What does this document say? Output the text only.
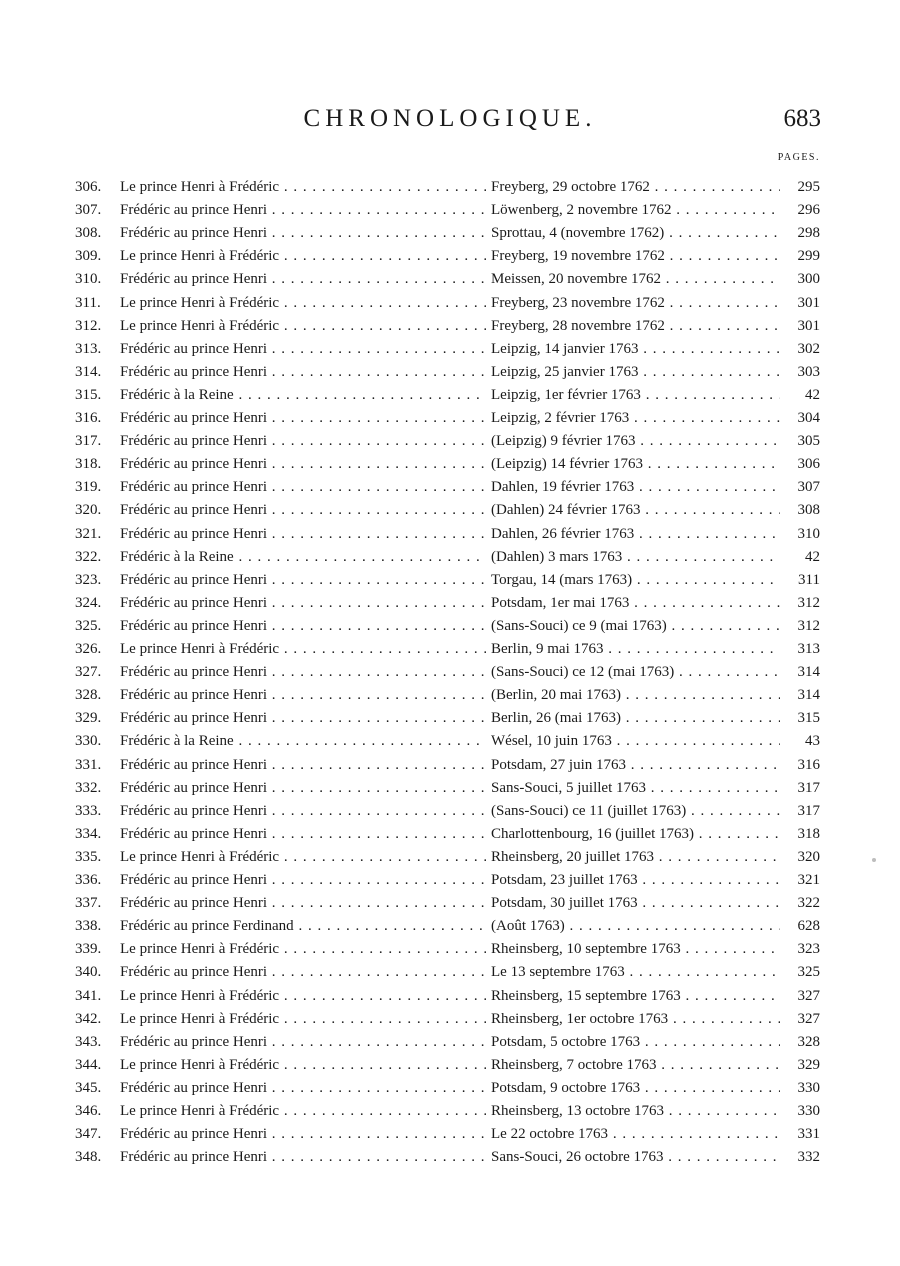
CHRONOLOGIQUE.	683
PAGES.
306.	Le prince Henri à Frédéric . . .	Freyberg, 29 octobre 1762 . . .	295
307.	Frédéric au prince Henri . . .	Löwenberg, 2 novembre 1762 . . .	296
308.	Frédéric au prince Henri . . .	Sprottau, 4 (novembre 1762) . . .	298
309.	Le prince Henri à Frédéric . . .	Freyberg, 19 novembre 1762 . . .	299
310.	Frédéric au prince Henri . . .	Meissen, 20 novembre 1762 . . .	300
311.	Le prince Henri à Frédéric . . .	Freyberg, 23 novembre 1762 . . .	301
312.	Le prince Henri à Frédéric . . .	Freyberg, 28 novembre 1762 . . .	301
313.	Frédéric au prince Henri . . .	Leipzig, 14 janvier 1763 . . .	302
314.	Frédéric au prince Henri . . .	Leipzig, 25 janvier 1763 . . .	303
315.	Frédéric à la Reine . . .	Leipzig, 1er février 1763 . . .	42
316.	Frédéric au prince Henri . . .	Leipzig, 2 février 1763 . . .	304
317.	Frédéric au prince Henri . . .	(Leipzig) 9 février 1763 . . .	305
318.	Frédéric au prince Henri . . .	(Leipzig) 14 février 1763 . . .	306
319.	Frédéric au prince Henri . . .	Dahlen, 19 février 1763 . . .	307
320.	Frédéric au prince Henri . . .	(Dahlen) 24 février 1763 . . .	308
321.	Frédéric au prince Henri . . .	Dahlen, 26 février 1763 . . .	310
322.	Frédéric à la Reine . . .	(Dahlen) 3 mars 1763 . . .	42
323.	Frédéric au prince Henri . . .	Torgau, 14 (mars 1763) . . .	311
324.	Frédéric au prince Henri . . .	Potsdam, 1er mai 1763 . . .	312
325.	Frédéric au prince Henri . . .	(Sans-Souci) ce 9 (mai 1763) . . .	312
326.	Le prince Henri à Frédéric . . .	Berlin, 9 mai 1763 . . .	313
327.	Frédéric au prince Henri . . .	(Sans-Souci) ce 12 (mai 1763) . . .	314
328.	Frédéric au prince Henri . . .	(Berlin, 20 mai 1763) . . .	314
329.	Frédéric au prince Henri . . .	Berlin, 26 (mai 1763) . . .	315
330.	Frédéric à la Reine . . .	Wésel, 10 juin 1763 . . .	43
331.	Frédéric au prince Henri . . .	Potsdam, 27 juin 1763 . . .	316
332.	Frédéric au prince Henri . . .	Sans-Souci, 5 juillet 1763 . . .	317
333.	Frédéric au prince Henri . . .	(Sans-Souci) ce 11 (juillet 1763) . . .	317
334.	Frédéric au prince Henri . . .	Charlottenbourg, 16 (juillet 1763) . . .	318
335.	Le prince Henri à Frédéric . . .	Rheinsberg, 20 juillet 1763 . . .	320
336.	Frédéric au prince Henri . . .	Potsdam, 23 juillet 1763 . . .	321
337.	Frédéric au prince Henri . . .	Potsdam, 30 juillet 1763 . . .	322
338.	Frédéric au prince Ferdinand . . .	(Août 1763) . . .	628
339.	Le prince Henri à Frédéric . . .	Rheinsberg, 10 septembre 1763 . . .	323
340.	Frédéric au prince Henri . . .	Le 13 septembre 1763 . . .	325
341.	Le prince Henri à Frédéric . . .	Rheinsberg, 15 septembre 1763 . . .	327
342.	Le prince Henri à Frédéric . . .	Rheinsberg, 1er octobre 1763 . . .	327
343.	Frédéric au prince Henri . . .	Potsdam, 5 octobre 1763 . . .	328
344.	Le prince Henri à Frédéric . . .	Rheinsberg, 7 octobre 1763 . . .	329
345.	Frédéric au prince Henri . . .	Potsdam, 9 octobre 1763 . . .	330
346.	Le prince Henri à Frédéric . . .	Rheinsberg, 13 octobre 1763 . . .	330
347.	Frédéric au prince Henri . . .	Le 22 octobre 1763 . . .	331
348.	Frédéric au prince Henri . . .	Sans-Souci, 26 octobre 1763 . . .	332
